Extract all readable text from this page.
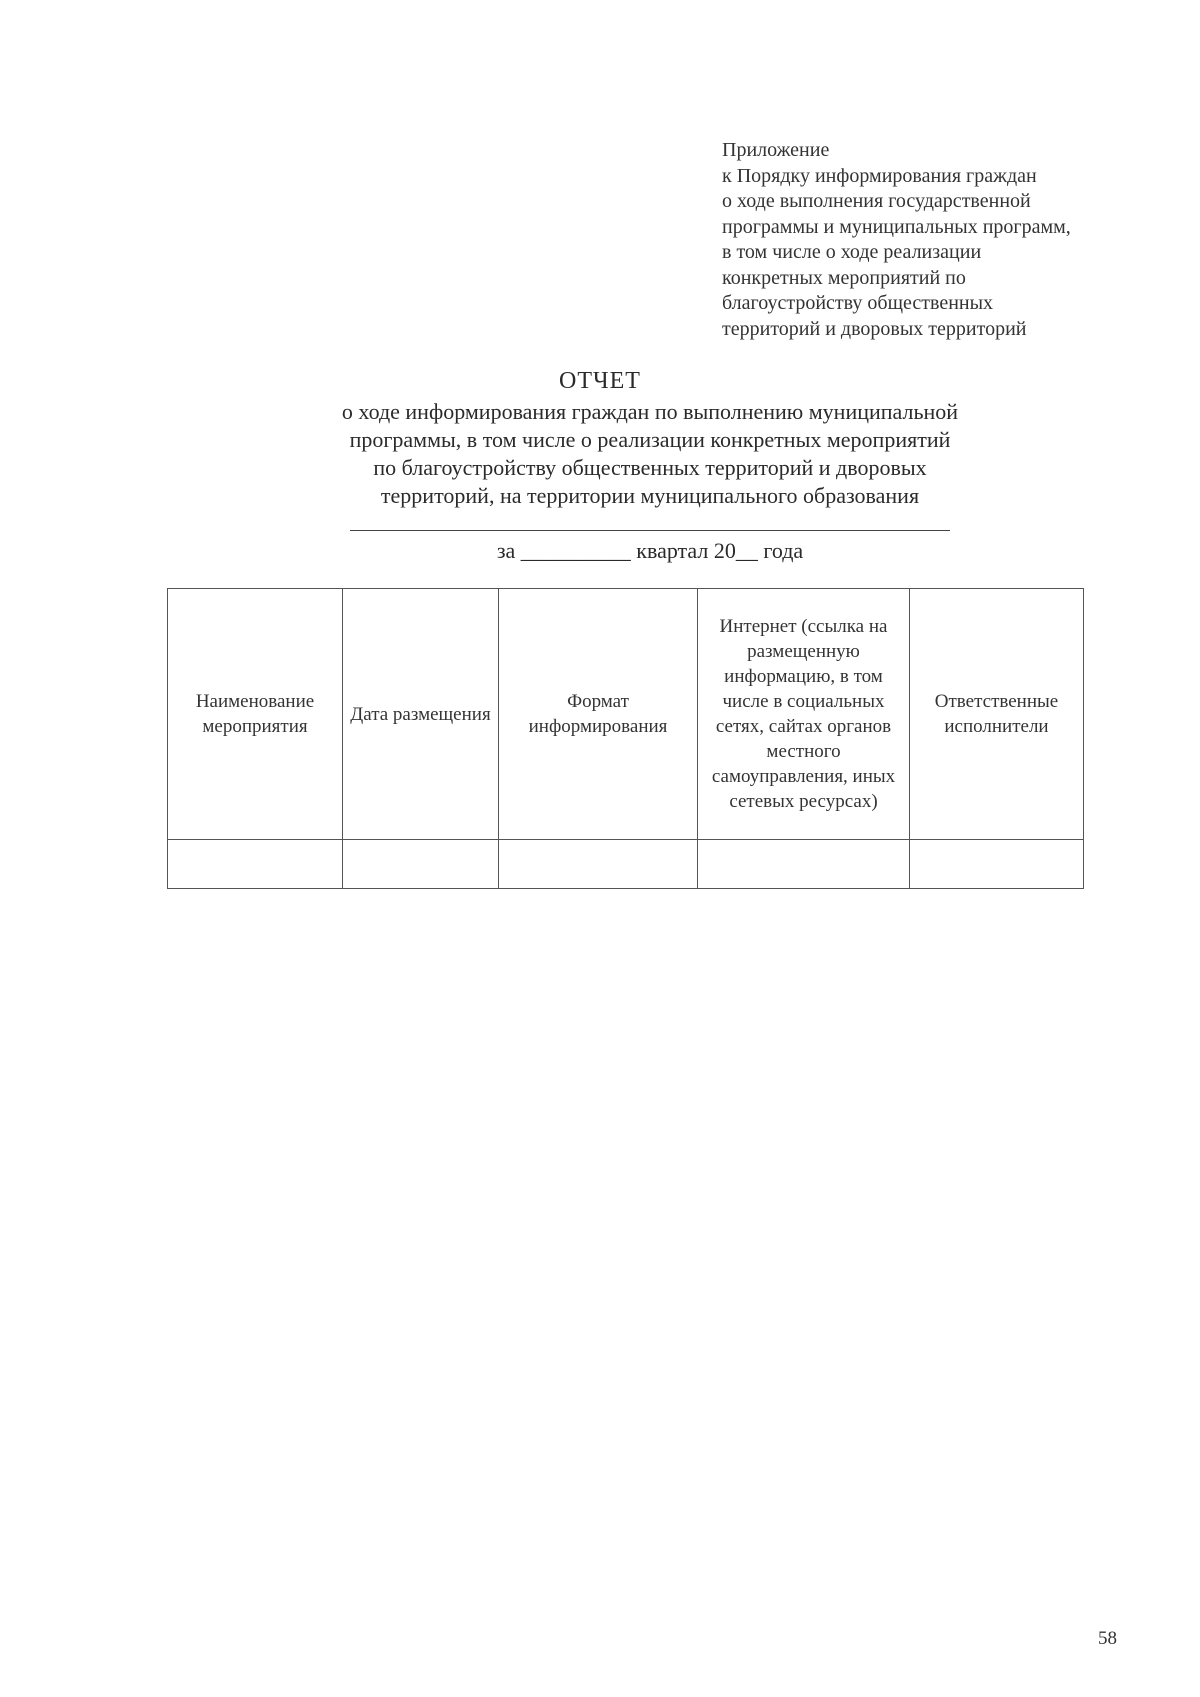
Приложение
к Порядку информирования граждан
о ходе выполнения государственной
программы и муниципальных программ,
в том числе о ходе реализации
конкретных мероприятий по
благоустройству общественных
территорий и дворовых территорий
ОТЧЕТ
о ходе информирования граждан по выполнению муниципальной
программы, в том числе о реализации конкретных мероприятий
по благоустройству общественных территорий и дворовых
территорий, на территории муниципального образования
за __________ квартал 20__ года
Наименование мероприятия	Дата размещения	Формат информирования	Интернет (ссылка на размещенную информацию, в том числе в социальных сетях, сайтах органов местного самоуправления, иных сетевых ресурсах)	Ответственные исполнители

58
